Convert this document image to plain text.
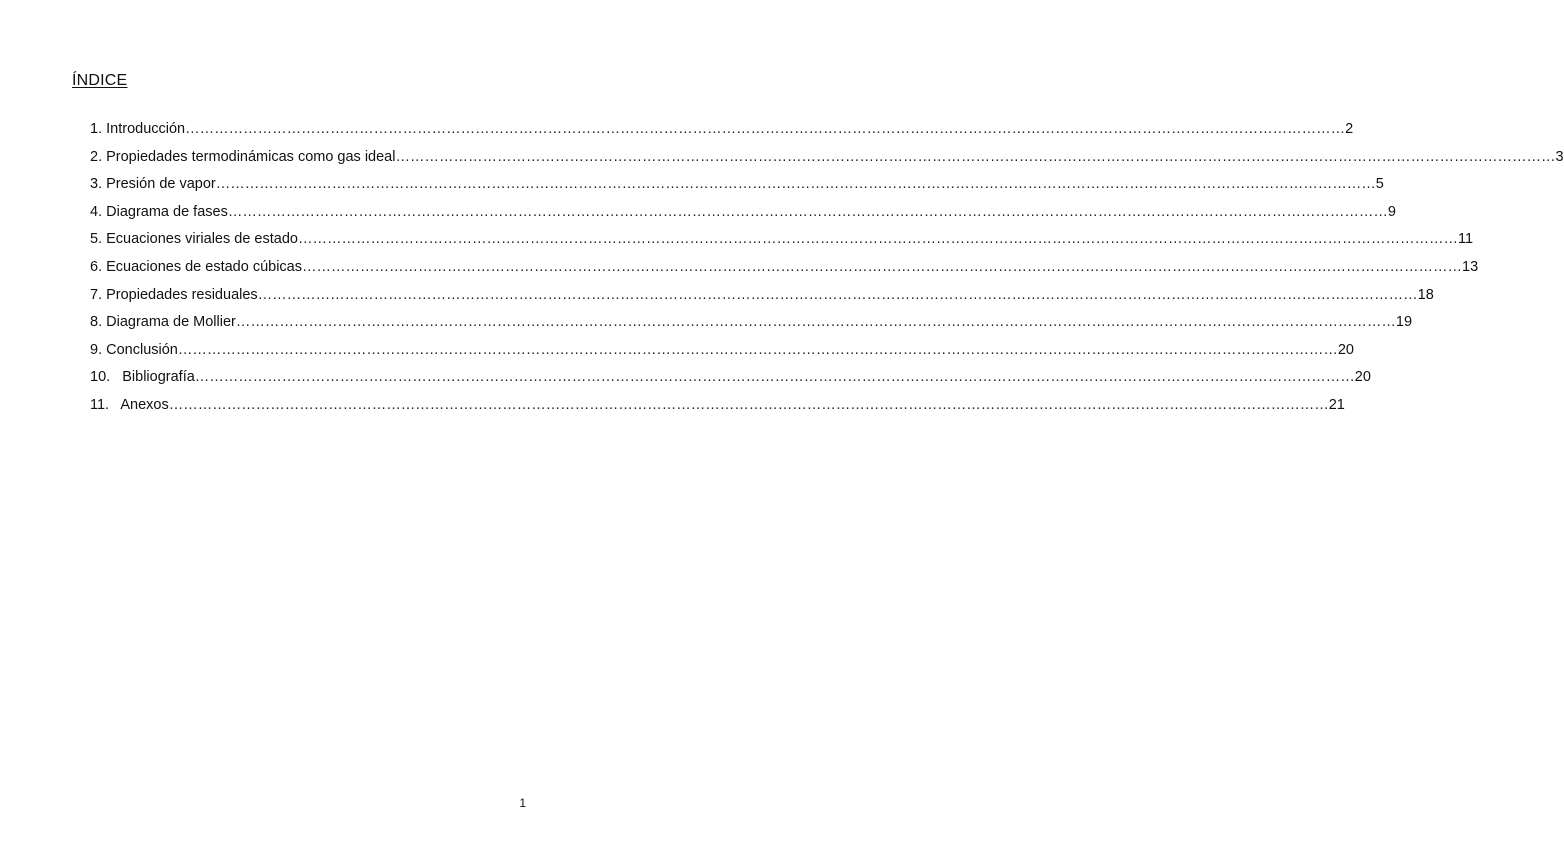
ÍNDICE
1. Introducción …………………………………………………………………………………………………………………………………………………………………………………………………………………… 2
2. Propiedades termodinámicas como gas ideal …………………………………………………………………………………………………………………………………………………………………………………………………………………… 3
3. Presión de vapor …………………………………………………………………………………………………………………………………………………………………………………………………………………… 5
4. Diagrama de fases …………………………………………………………………………………………………………………………………………………………………………………………………………………… 9
5. Ecuaciones viriales de estado …………………………………………………………………………………………………………………………………………………………………………………………………………………… 11
6. Ecuaciones de estado cúbicas …………………………………………………………………………………………………………………………………………………………………………………………………………………… 13
7. Propiedades residuales …………………………………………………………………………………………………………………………………………………………………………………………………………………… 18
8. Diagrama de Mollier …………………………………………………………………………………………………………………………………………………………………………………………………………………… 19
9. Conclusión …………………………………………………………………………………………………………………………………………………………………………………………………………………… 20
10.   Bibliografía …………………………………………………………………………………………………………………………………………………………………………………………………………………… 20
11.   Anexos …………………………………………………………………………………………………………………………………………………………………………………………………………………… 21
1
